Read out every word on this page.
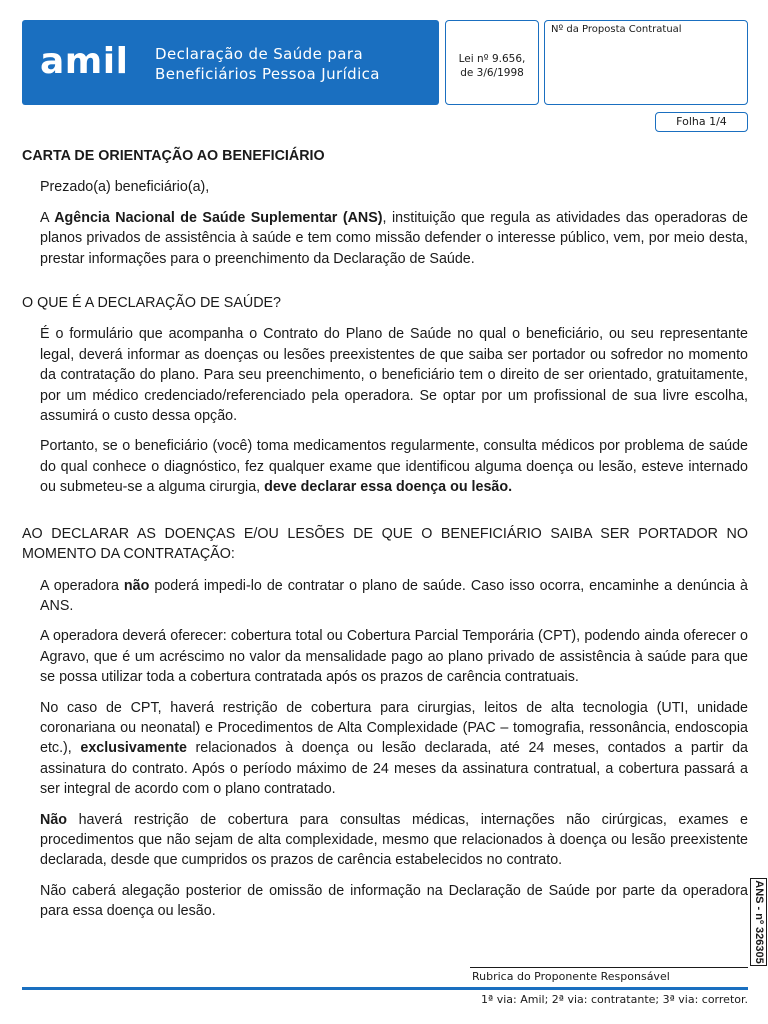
amil Declaração de Saúde para
Beneficiários Pessoa Jurídica
Lei nº 9.656,
de 3/6/1998
Nº da Proposta Contratual
Folha 1/4
CARTA DE ORIENTAÇÃO AO BENEFICIÁRIO
Prezado(a) beneficiário(a),
A Agência Nacional de Saúde Suplementar (ANS), instituição que regula as atividades das operadoras de planos privados de assistência à saúde e tem como missão defender o interesse público, vem, por meio desta, prestar informações para o preenchimento da Declaração de Saúde.
O QUE É A DECLARAÇÃO DE SAÚDE?
É o formulário que acompanha o Contrato do Plano de Saúde no qual o beneficiário, ou seu representante legal, deverá informar as doenças ou lesões preexistentes de que saiba ser portador ou sofredor no momento da contratação do plano. Para seu preenchimento, o beneficiário tem o direito de ser orientado, gratuitamente, por um médico credenciado/referenciado pela operadora. Se optar por um profissional de sua livre escolha, assumirá o custo dessa opção.
Portanto, se o beneficiário (você) toma medicamentos regularmente, consulta médicos por problema de saúde do qual conhece o diagnóstico, fez qualquer exame que identificou alguma doença ou lesão, esteve internado ou submeteu-se a alguma cirurgia, deve declarar essa doença ou lesão.
AO DECLARAR AS DOENÇAS E/OU LESÕES DE QUE O BENEFICIÁRIO SAIBA SER PORTADOR NO MOMENTO DA CONTRATAÇÃO:
A operadora não poderá impedi-lo de contratar o plano de saúde. Caso isso ocorra, encaminhe a denúncia à ANS.
A operadora deverá oferecer: cobertura total ou Cobertura Parcial Temporária (CPT), podendo ainda oferecer o Agravo, que é um acréscimo no valor da mensalidade pago ao plano privado de assistência à saúde para que se possa utilizar toda a cobertura contratada após os prazos de carência contratuais.
No caso de CPT, haverá restrição de cobertura para cirurgias, leitos de alta tecnologia (UTI, unidade coronariana ou neonatal) e Procedimentos de Alta Complexidade (PAC – tomografia, ressonância, endoscopia etc.), exclusivamente relacionados à doença ou lesão declarada, até 24 meses, contados a partir da assinatura do contrato. Após o período máximo de 24 meses da assinatura contratual, a cobertura passará a ser integral de acordo com o plano contratado.
Não haverá restrição de cobertura para consultas médicas, internações não cirúrgicas, exames e procedimentos que não sejam de alta complexidade, mesmo que relacionados à doença ou lesão preexistente declarada, desde que cumpridos os prazos de carência estabelecidos no contrato.
Não caberá alegação posterior de omissão de informação na Declaração de Saúde por parte da operadora para essa doença ou lesão.	ANS - nº 326305
Rubrica do Proponente Responsável
1ª via: Amil; 2ª via: contratante; 3ª via: corretor.
